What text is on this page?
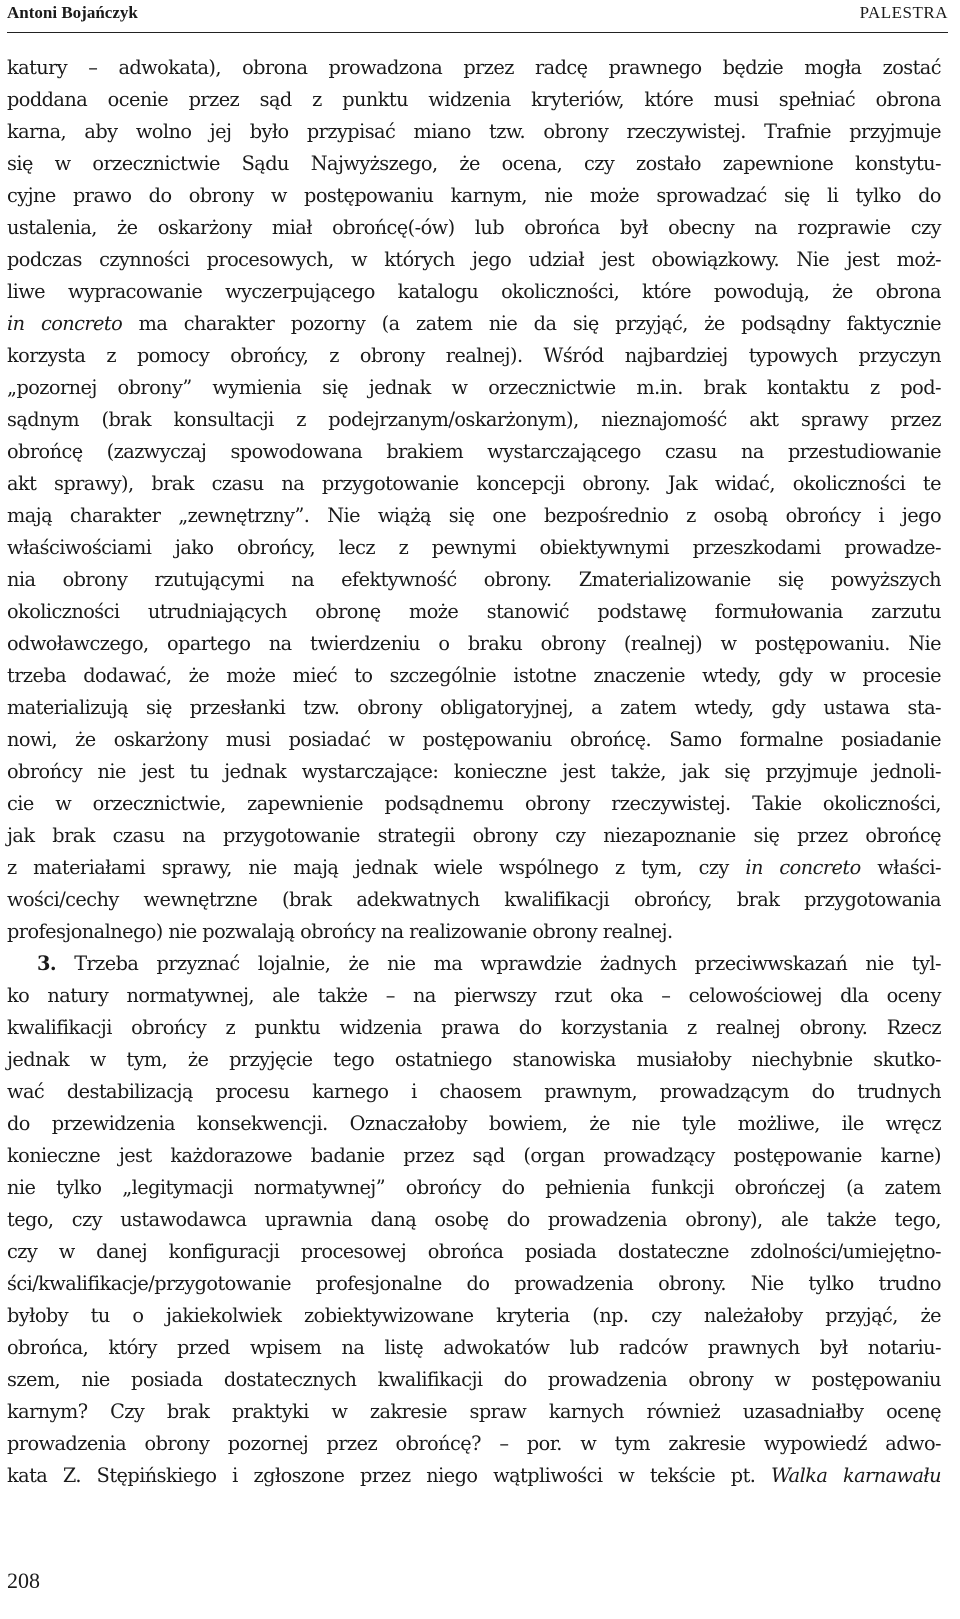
Antoni Bojańczyk	PALESTRA
katury – adwokata), obrona prowadzona przez radcę prawnego będzie mogła zostać
poddana ocenie przez sąd z punktu widzenia kryteriów, które musi spełniać obrona
karna, aby wolno jej było przypisać miano tzw. obrony rzeczywistej. Trafnie przyjmuje
się w orzecznictwie Sądu Najwyższego, że ocena, czy zostało zapewnione konstytu-
cyjne prawo do obrony w postępowaniu karnym, nie może sprowadzać się li tylko do
ustalenia, że oskarżony miał obrońcę(-ów) lub obrońca był obecny na rozprawie czy
podczas czynności procesowych, w których jego udział jest obowiązkowy. Nie jest moż-
liwe wypracowanie wyczerpującego katalogu okoliczności, które powodują, że obrona
in concreto ma charakter pozorny (a zatem nie da się przyjąć, że podsądny faktycznie
korzysta z pomocy obrońcy, z obrony realnej). Wśród najbardziej typowych przyczyn
„pozornej obrony” wymienia się jednak w orzecznictwie m.in. brak kontaktu z pod-
sądnym (brak konsultacji z podejrzanym/oskarżonym), nieznajomość akt sprawy przez
obrońcę (zazwyczaj spowodowana brakiem wystarczającego czasu na przestudiowanie
akt sprawy), brak czasu na przygotowanie koncepcji obrony. Jak widać, okoliczności te
mają charakter „zewnętrzny”. Nie wiążą się one bezpośrednio z osobą obrońcy i jego
właściwościami jako obrońcy, lecz z pewnymi obiektywnymi przeszkodami prowadze-
nia obrony rzutującymi na efektywność obrony. Zmaterializowanie się powyższych
okoliczności utrudniających obronę może stanowić podstawę formułowania zarzutu
odwoławczego, opartego na twierdzeniu o braku obrony (realnej) w postępowaniu. Nie
trzeba dodawać, że może mieć to szczególnie istotne znaczenie wtedy, gdy w procesie
materializują się przesłanki tzw. obrony obligatoryjnej, a zatem wtedy, gdy ustawa sta-
nowi, że oskarżony musi posiadać w postępowaniu obrońcę. Samo formalne posiadanie
obrońcy nie jest tu jednak wystarczające: konieczne jest także, jak się przyjmuje jednoli-
cie w orzecznictwie, zapewnienie podsądnemu obrony rzeczywistej. Takie okoliczności,
jak brak czasu na przygotowanie strategii obrony czy niezapoznanie się przez obrońcę
z materiałami sprawy, nie mają jednak wiele wspólnego z tym, czy in concreto właści-
wości/cechy wewnętrzne (brak adekwatnych kwalifikacji obrońcy, brak przygotowania
profesjonalnego) nie pozwalają obrońcy na realizowanie obrony realnej.
3. Trzeba przyznać lojalnie, że nie ma wprawdzie żadnych przeciwwskazań nie tyl-
ko natury normatywnej, ale także – na pierwszy rzut oka – celowościowej dla oceny
kwalifikacji obrońcy z punktu widzenia prawa do korzystania z realnej obrony. Rzecz
jednak w tym, że przyjęcie tego ostatniego stanowiska musiałoby niechybnie skutko-
wać destabilizacją procesu karnego i chaosem prawnym, prowadzącym do trudnych
do przewidzenia konsekwencji. Oznaczałoby bowiem, że nie tyle możliwe, ile wręcz
konieczne jest każdorazowe badanie przez sąd (organ prowadzący postępowanie karne)
nie tylko „legitymacji normatywnej” obrońcy do pełnienia funkcji obrończej (a zatem
tego, czy ustawodawca uprawnia daną osobę do prowadzenia obrony), ale także tego,
czy w danej konfiguracji procesowej obrońca posiada dostateczne zdolności/umiejętno-
ści/kwalifikacje/przygotowanie profesjonalne do prowadzenia obrony. Nie tylko trudno
byłoby tu o jakiekolwiek zobiektywizowane kryteria (np. czy należałoby przyjąć, że
obrońca, który przed wpisem na listę adwokatów lub radców prawnych był notariu-
szem, nie posiada dostatecznych kwalifikacji do prowadzenia obrony w postępowaniu
karnym? Czy brak praktyki w zakresie spraw karnych również uzasadniałby ocenę
prowadzenia obrony pozornej przez obrońcę? – por. w tym zakresie wypowiedź adwo-
kata Z. Stępińskiego i zgłoszone przez niego wątpliwości w tekście pt. Walka karnawału
208
